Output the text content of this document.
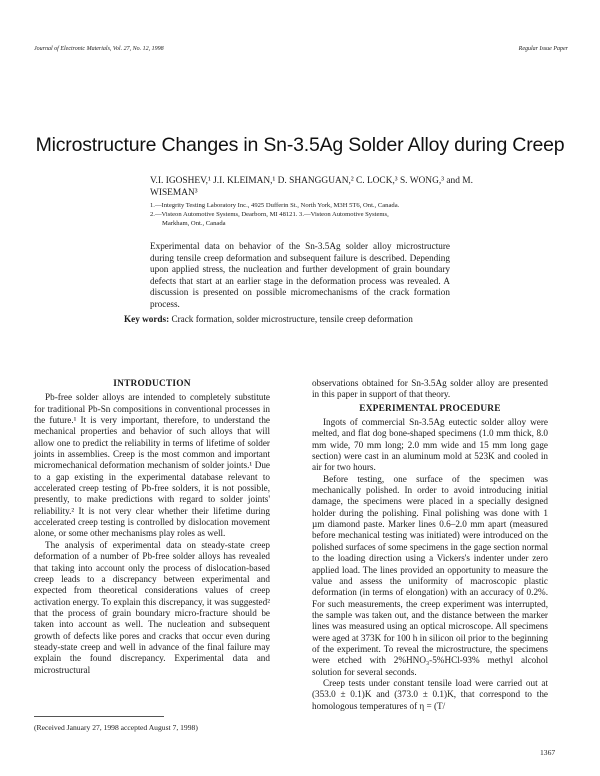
Journal of Electronic Materials, Vol. 27, No. 12, 1998	Regular Issue Paper
Microstructure Changes in Sn-3.5Ag Solder Alloy during Creep
V.I. IGOSHEV,¹ J.I. KLEIMAN,¹ D. SHANGGUAN,² C. LOCK,³ S. WONG,³ and M. WISEMAN³
1.—Integrity Testing Laboratory Inc., 4925 Dufferin St., North York, M3H 5T6, Ont., Canada.
2.—Visteon Automotive Systems, Dearborn, MI 48121. 3.—Visteon Automotive Systems,
Markham, Ont., Canada
Experimental data on behavior of the Sn-3.5Ag solder alloy microstructure during tensile creep deformation and subsequent failure is described. Depending upon applied stress, the nucleation and further development of grain boundary defects that start at an earlier stage in the deformation process was revealed. A discussion is presented on possible micromechanisms of the crack formation process.
Key words: Crack formation, solder microstructure, tensile creep deformation
INTRODUCTION

Pb-free solder alloys are intended to completely substitute for traditional Pb-Sn compositions in conventional processes in the future.¹ It is very important, therefore, to understand the mechanical properties and behavior of such alloys that will allow one to predict the reliability in terms of lifetime of solder joints in assemblies. Creep is the most common and important micromechanical deformation mechanism of solder joints.¹ Due to a gap existing in the experimental database relevant to accelerated creep testing of Pb-free solders, it is not possible, presently, to make predictions with regard to solder joints' reliability.² It is not very clear whether their lifetime during accelerated creep testing is controlled by dislocation movement alone, or some other mechanisms play roles as well.

The analysis of experimental data on steady-state creep deformation of a number of Pb-free solder alloys has revealed that taking into account only the process of dislocation-based creep leads to a discrepancy between experimental and expected from theoretical considerations values of creep activation energy. To explain this discrepancy, it was suggested² that the process of grain boundary micro-fracture should be taken into account as well. The nucleation and subsequent growth of defects like pores and cracks that occur even during steady-state creep and well in advance of the final failure may explain the found discrepancy. Experimental data and microstructural

observations obtained for Sn-3.5Ag solder alloy are presented in this paper in support of that theory.

EXPERIMENTAL PROCEDURE

Ingots of commercial Sn-3.5Ag eutectic solder alloy were melted, and flat dog bone-shaped specimens (1.0 mm thick, 8.0 mm wide, 70 mm long; 2.0 mm wide and 15 mm long gage section) were cast in an aluminum mold at 523K and cooled in air for two hours.

Before testing, one surface of the specimen was mechanically polished. In order to avoid introducing initial damage, the specimens were placed in a specially designed holder during the polishing. Final polishing was done with 1 µm diamond paste. Marker lines 0.6–2.0 mm apart (measured before mechanical testing was initiated) were introduced on the polished surfaces of some specimens in the gage section normal to the loading direction using a Vickers's indenter under zero applied load. The lines provided an opportunity to measure the value and assess the uniformity of macroscopic plastic deformation (in terms of elongation) with an accuracy of 0.2%. For such measurements, the creep experiment was interrupted, the sample was taken out, and the distance between the marker lines was measured using an optical microscope. All specimens were aged at 373K for 100 h in silicon oil prior to the beginning of the experiment. To reveal the microstructure, the specimens were etched with 2%HNO₃-5%HCl-93% methyl alcohol solution for several seconds.

Creep tests under constant tensile load were carried out at (353.0 ± 0.1)K and (373.0 ± 0.1)K, that correspond to the homologous temperatures of η = (T/

(Received January 27, 1998 accepted August 7, 1998)
1367
